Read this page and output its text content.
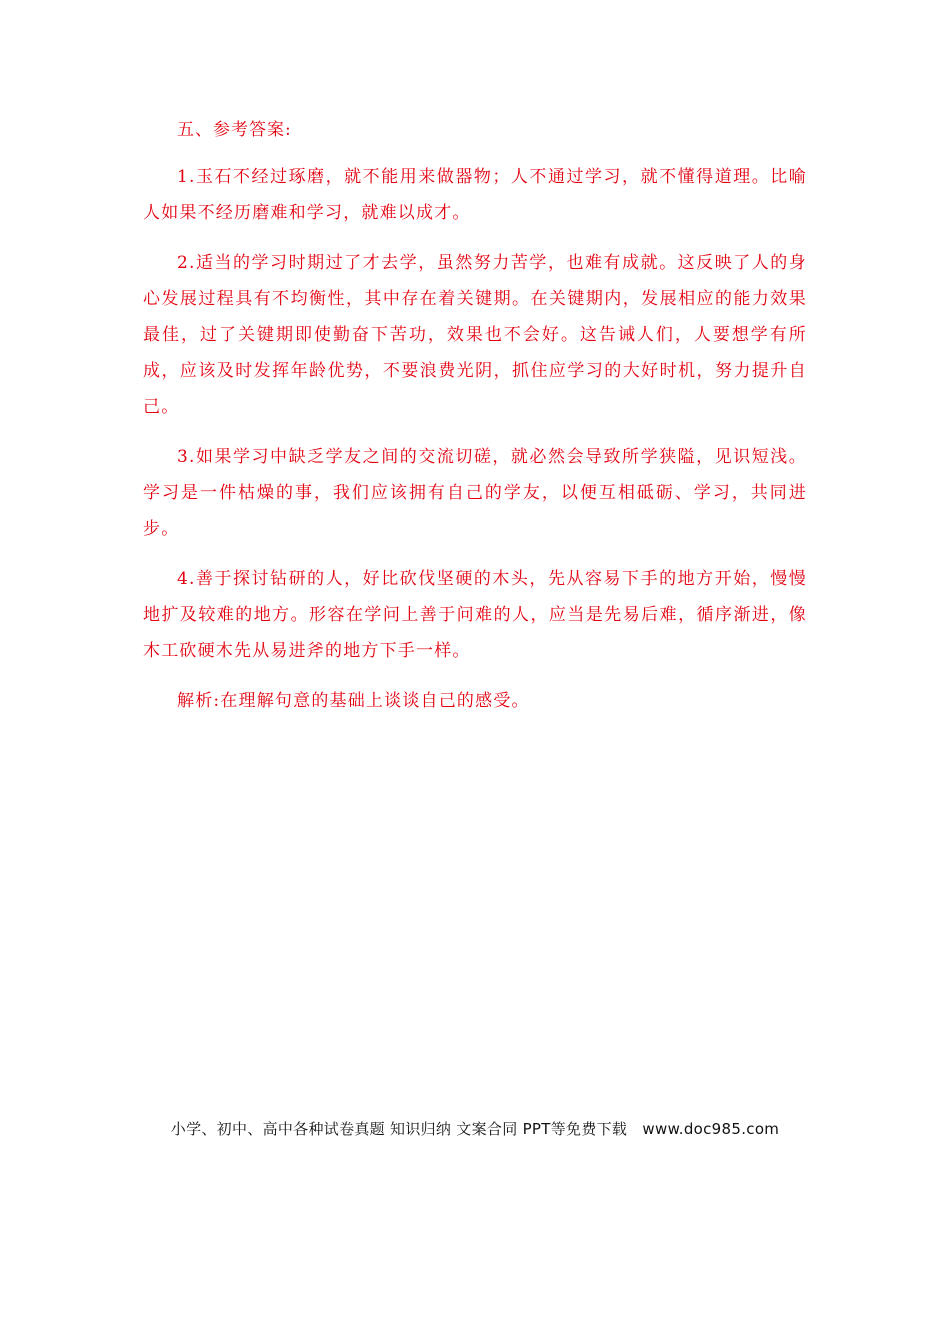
五、参考答案:

1.玉石不经过琢磨，就不能用来做器物；人不通过学习，就不懂得道理。比喻人如果不经历磨难和学习，就难以成才。

2.适当的学习时期过了才去学，虽然努力苦学，也难有成就。这反映了人的身心发展过程具有不均衡性，其中存在着关键期。在关键期内，发展相应的能力效果最佳，过了关键期即使勤奋下苦功，效果也不会好。这告诫人们，人要想学有所成，应该及时发挥年龄优势，不要浪费光阴，抓住应学习的大好时机，努力提升自己。

3.如果学习中缺乏学友之间的交流切磋，就必然会导致所学狭隘，见识短浅。学习是一件枯燥的事，我们应该拥有自己的学友，以便互相砥砺、学习，共同进步。

4.善于探讨钻研的人，好比砍伐坚硬的木头，先从容易下手的地方开始，慢慢地扩及较难的地方。形容在学问上善于问难的人，应当是先易后难，循序渐进，像木工砍硬木先从易进斧的地方下手一样。

解析:在理解句意的基础上谈谈自己的感受。

小学、初中、高中各种试卷真题 知识归纳 文案合同 PPT等免费下载   www.doc985.com
